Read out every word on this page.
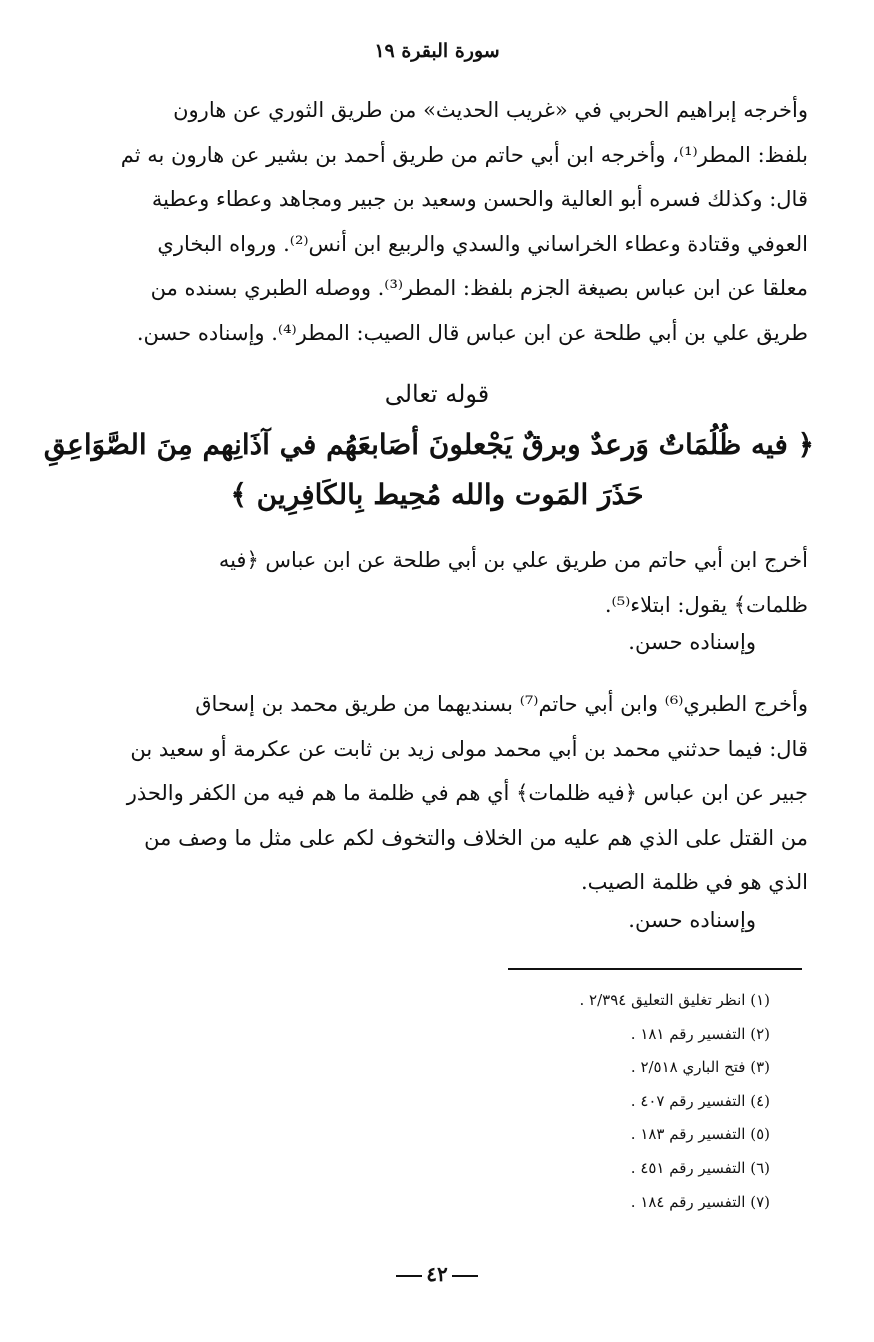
سورة البقرة ١٩
وأخرجه إبراهيم الحربي في «غريب الحديث» من طريق الثوري عن هارون
بلفظ: المطر⁽¹⁾، وأخرجه ابن أبي حاتم من طريق أحمد بن بشير عن هارون به ثم
قال: وكذلك فسره أبو العالية والحسن وسعيد بن جبير ومجاهد وعطاء وعطية
العوفي وقتادة وعطاء الخراساني والسدي والربيع ابن أنس⁽²⁾. ورواه البخاري
معلقا عن ابن عباس بصيغة الجزم بلفظ: المطر⁽³⁾. ووصله الطبري بسنده من
طريق علي بن أبي طلحة عن ابن عباس قال الصيب: المطر⁽⁴⁾. وإسناده حسن.
قوله تعالى
﴿ فيه ظُلُمَاتٌ وَرعدٌ وبرقٌ يَجْعلونَ أصَابعَهُم في آذَانِهم مِنَ الصَّوَاعِقِ
حَذَرَ المَوت والله مُحِيط بِالكَافِرِين ﴾
أخرج ابن أبي حاتم من طريق علي بن أبي طلحة عن ابن عباس ﴿فيه
ظلمات﴾ يقول: ابتلاء⁽⁵⁾.
وإسناده حسن.
وأخرج الطبري⁽⁶⁾ وابن أبي حاتم⁽⁷⁾ بسنديهما من طريق محمد بن إسحاق
قال: فيما حدثني محمد بن أبي محمد مولى زيد بن ثابت عن عكرمة أو سعيد بن
جبير عن ابن عباس ﴿فيه ظلمات﴾ أي هم في ظلمة ما هم فيه من الكفر والحذر
من القتل على الذي هم عليه من الخلاف والتخوف لكم على مثل ما وصف من
الذي هو في ظلمة الصيب.
وإسناده حسن.
(١) انظر تغليق التعليق ٢/٣٩٤ .
(٢) التفسير رقم ١٨١ .
(٣) فتح الباري ٢/٥١٨ .
(٤) التفسير رقم ٤٠٧ .
(٥) التفسير رقم ١٨٣ .
(٦) التفسير رقم ٤٥١ .
(٧) التفسير رقم ١٨٤ .
٤٢
